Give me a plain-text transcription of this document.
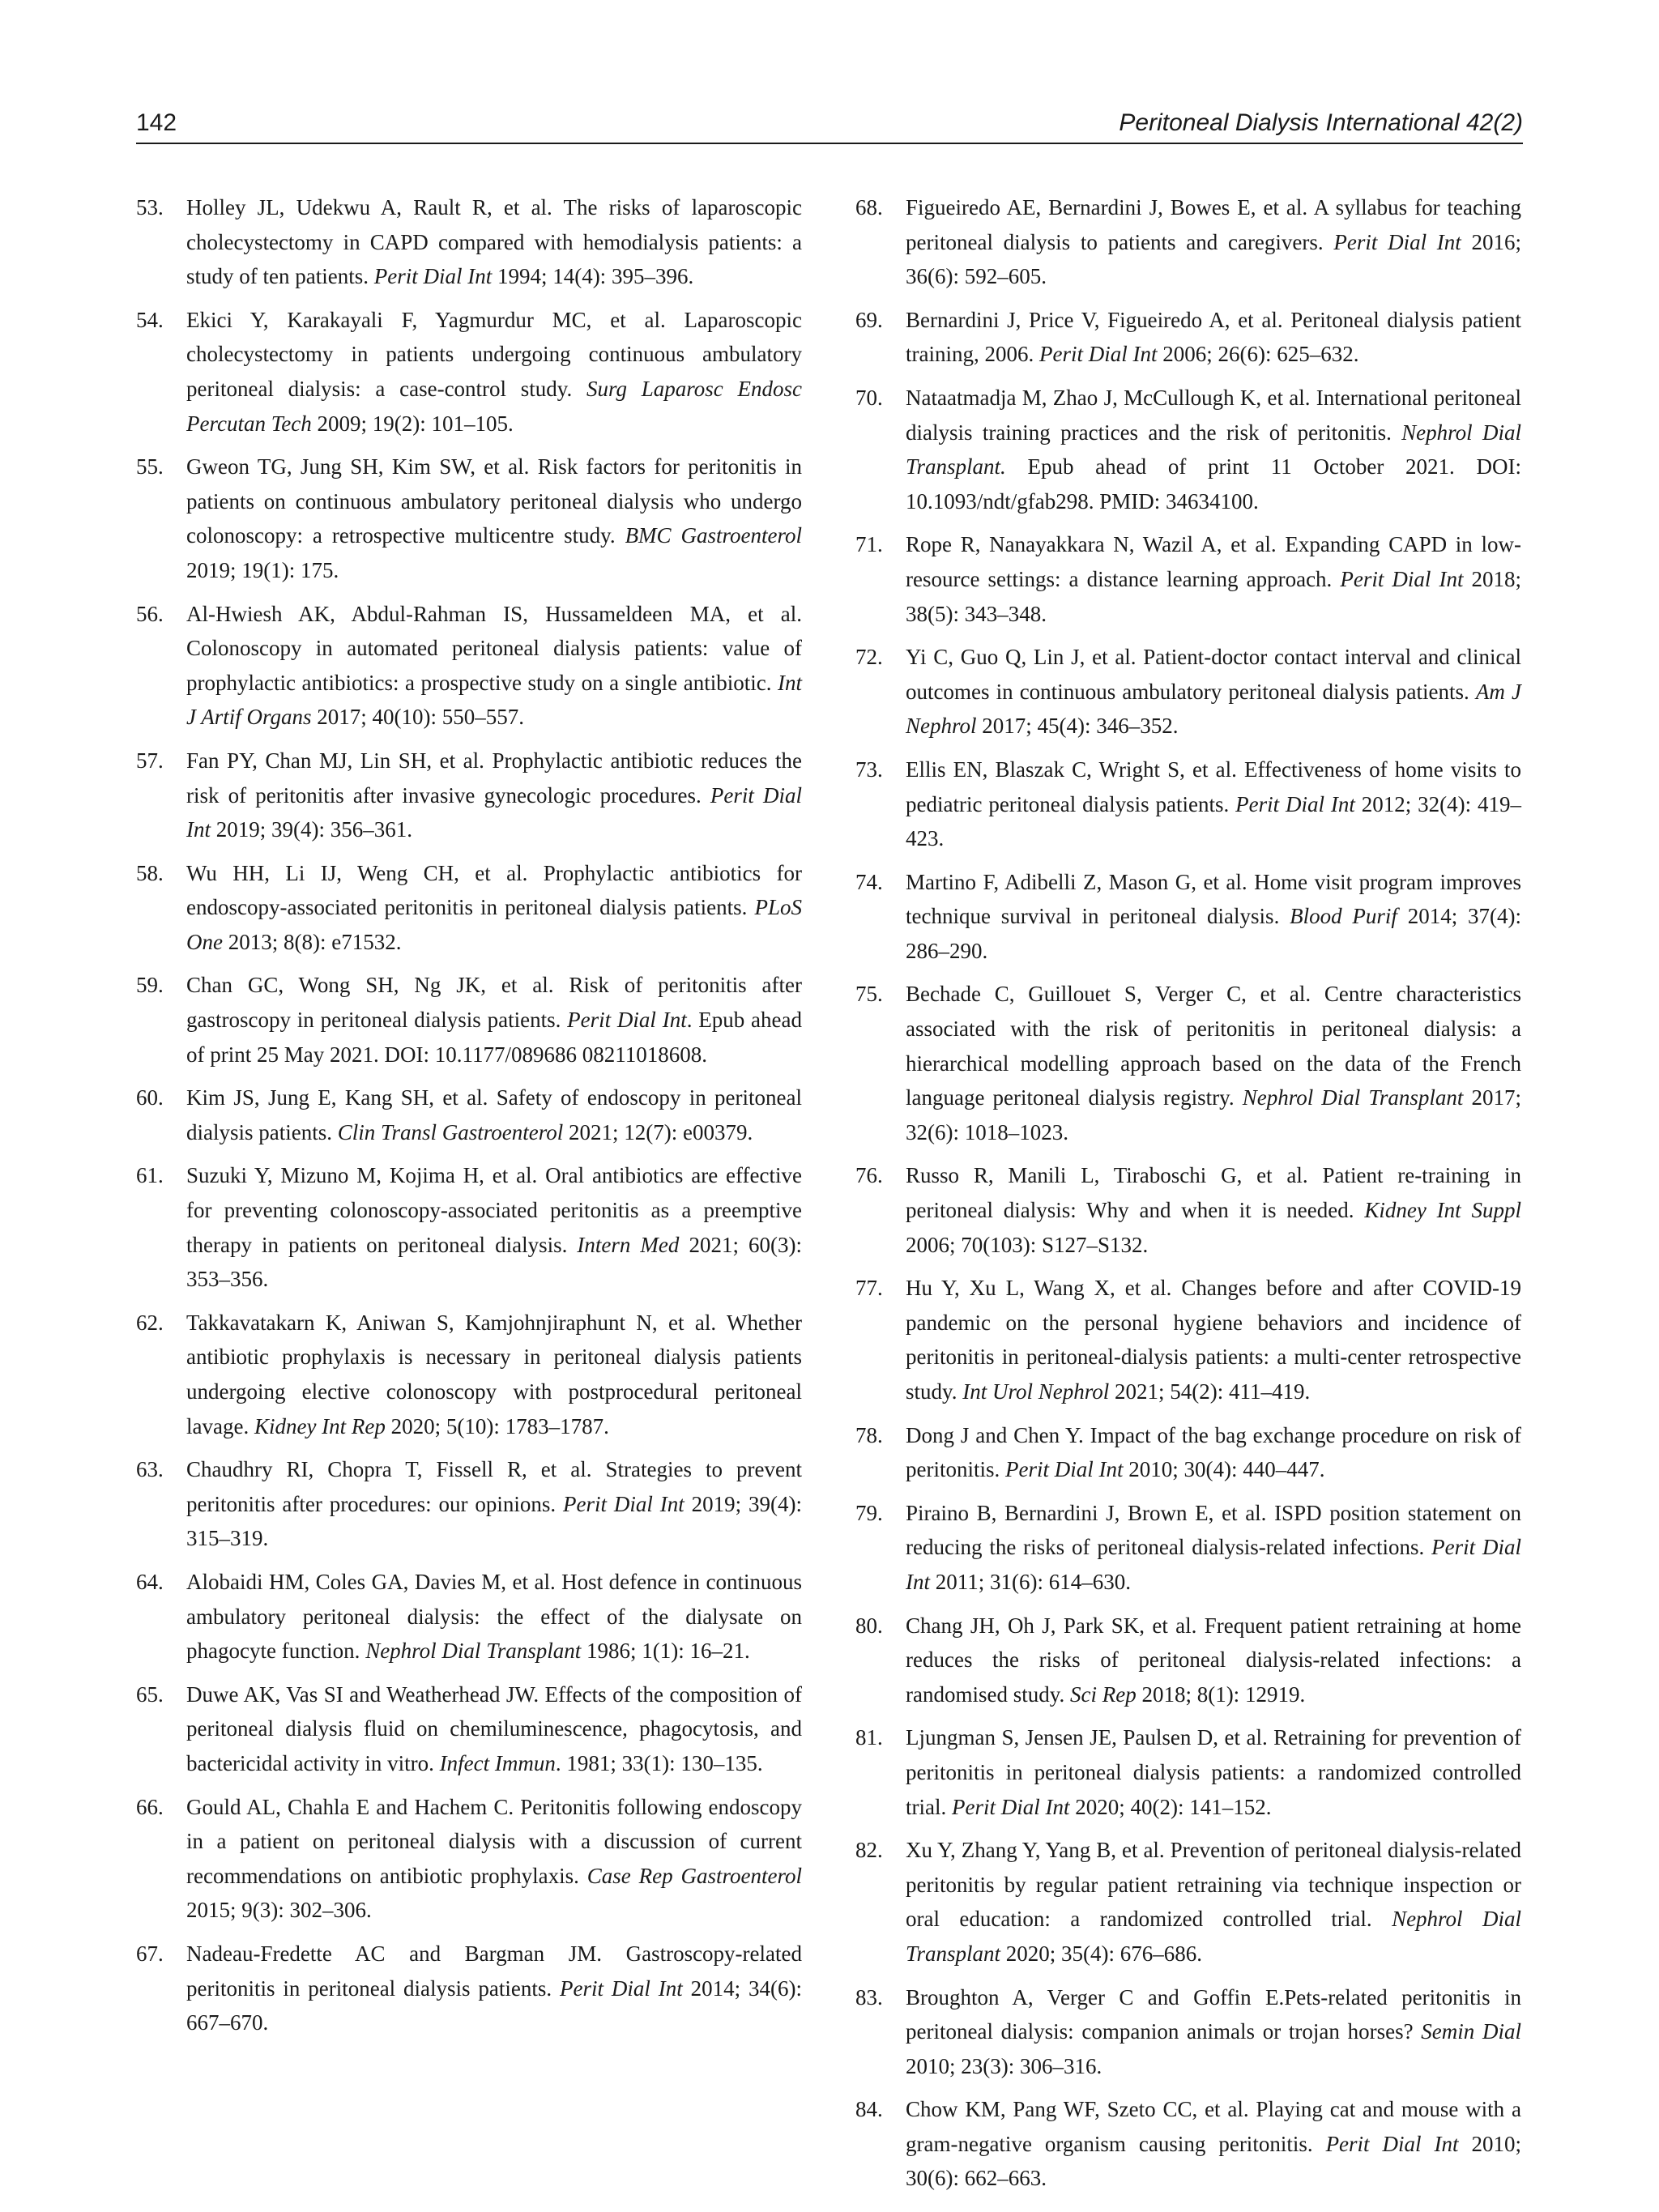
142	Peritoneal Dialysis International 42(2)
53. Holley JL, Udekwu A, Rault R, et al. The risks of laparoscopic cholecystectomy in CAPD compared with hemodialysis patients: a study of ten patients. Perit Dial Int 1994; 14(4): 395–396.
54. Ekici Y, Karakayali F, Yagmurdur MC, et al. Laparoscopic cholecystectomy in patients undergoing continuous ambulatory peritoneal dialysis: a case-control study. Surg Laparosc Endosc Percutan Tech 2009; 19(2): 101–105.
55. Gweon TG, Jung SH, Kim SW, et al. Risk factors for peritonitis in patients on continuous ambulatory peritoneal dialysis who undergo colonoscopy: a retrospective multicentre study. BMC Gastroenterol 2019; 19(1): 175.
56. Al-Hwiesh AK, Abdul-Rahman IS, Hussameldeen MA, et al. Colonoscopy in automated peritoneal dialysis patients: value of prophylactic antibiotics: a prospective study on a single antibiotic. Int J Artif Organs 2017; 40(10): 550–557.
57. Fan PY, Chan MJ, Lin SH, et al. Prophylactic antibiotic reduces the risk of peritonitis after invasive gynecologic procedures. Perit Dial Int 2019; 39(4): 356–361.
58. Wu HH, Li IJ, Weng CH, et al. Prophylactic antibiotics for endoscopy-associated peritonitis in peritoneal dialysis patients. PLoS One 2013; 8(8): e71532.
59. Chan GC, Wong SH, Ng JK, et al. Risk of peritonitis after gastroscopy in peritoneal dialysis patients. Perit Dial Int. Epub ahead of print 25 May 2021. DOI: 10.1177/089686 08211018608.
60. Kim JS, Jung E, Kang SH, et al. Safety of endoscopy in peritoneal dialysis patients. Clin Transl Gastroenterol 2021; 12(7): e00379.
61. Suzuki Y, Mizuno M, Kojima H, et al. Oral antibiotics are effective for preventing colonoscopy-associated peritonitis as a preemptive therapy in patients on peritoneal dialysis. Intern Med 2021; 60(3): 353–356.
62. Takkavatakarn K, Aniwan S, Kamjohnjiraphunt N, et al. Whether antibiotic prophylaxis is necessary in peritoneal dialysis patients undergoing elective colonoscopy with postprocedural peritoneal lavage. Kidney Int Rep 2020; 5(10): 1783–1787.
63. Chaudhry RI, Chopra T, Fissell R, et al. Strategies to prevent peritonitis after procedures: our opinions. Perit Dial Int 2019; 39(4): 315–319.
64. Alobaidi HM, Coles GA, Davies M, et al. Host defence in continuous ambulatory peritoneal dialysis: the effect of the dialysate on phagocyte function. Nephrol Dial Transplant 1986; 1(1): 16–21.
65. Duwe AK, Vas SI and Weatherhead JW. Effects of the composition of peritoneal dialysis fluid on chemiluminescence, phagocytosis, and bactericidal activity in vitro. Infect Immun. 1981; 33(1): 130–135.
66. Gould AL, Chahla E and Hachem C. Peritonitis following endoscopy in a patient on peritoneal dialysis with a discussion of current recommendations on antibiotic prophylaxis. Case Rep Gastroenterol 2015; 9(3): 302–306.
67. Nadeau-Fredette AC and Bargman JM. Gastroscopy-related peritonitis in peritoneal dialysis patients. Perit Dial Int 2014; 34(6): 667–670.
68. Figueiredo AE, Bernardini J, Bowes E, et al. A syllabus for teaching peritoneal dialysis to patients and caregivers. Perit Dial Int 2016; 36(6): 592–605.
69. Bernardini J, Price V, Figueiredo A, et al. Peritoneal dialysis patient training, 2006. Perit Dial Int 2006; 26(6): 625–632.
70. Nataatmadja M, Zhao J, McCullough K, et al. International peritoneal dialysis training practices and the risk of peritonitis. Nephrol Dial Transplant. Epub ahead of print 11 October 2021. DOI: 10.1093/ndt/gfab298. PMID: 34634100.
71. Rope R, Nanayakkara N, Wazil A, et al. Expanding CAPD in low-resource settings: a distance learning approach. Perit Dial Int 2018; 38(5): 343–348.
72. Yi C, Guo Q, Lin J, et al. Patient-doctor contact interval and clinical outcomes in continuous ambulatory peritoneal dialysis patients. Am J Nephrol 2017; 45(4): 346–352.
73. Ellis EN, Blaszak C, Wright S, et al. Effectiveness of home visits to pediatric peritoneal dialysis patients. Perit Dial Int 2012; 32(4): 419–423.
74. Martino F, Adibelli Z, Mason G, et al. Home visit program improves technique survival in peritoneal dialysis. Blood Purif 2014; 37(4): 286–290.
75. Bechade C, Guillouet S, Verger C, et al. Centre characteristics associated with the risk of peritonitis in peritoneal dialysis: a hierarchical modelling approach based on the data of the French language peritoneal dialysis registry. Nephrol Dial Transplant 2017; 32(6): 1018–1023.
76. Russo R, Manili L, Tiraboschi G, et al. Patient re-training in peritoneal dialysis: Why and when it is needed. Kidney Int Suppl 2006; 70(103): S127–S132.
77. Hu Y, Xu L, Wang X, et al. Changes before and after COVID-19 pandemic on the personal hygiene behaviors and incidence of peritonitis in peritoneal-dialysis patients: a multi-center retrospective study. Int Urol Nephrol 2021; 54(2): 411–419.
78. Dong J and Chen Y. Impact of the bag exchange procedure on risk of peritonitis. Perit Dial Int 2010; 30(4): 440–447.
79. Piraino B, Bernardini J, Brown E, et al. ISPD position statement on reducing the risks of peritoneal dialysis-related infections. Perit Dial Int 2011; 31(6): 614–630.
80. Chang JH, Oh J, Park SK, et al. Frequent patient retraining at home reduces the risks of peritoneal dialysis-related infections: a randomised study. Sci Rep 2018; 8(1): 12919.
81. Ljungman S, Jensen JE, Paulsen D, et al. Retraining for prevention of peritonitis in peritoneal dialysis patients: a randomized controlled trial. Perit Dial Int 2020; 40(2): 141–152.
82. Xu Y, Zhang Y, Yang B, et al. Prevention of peritoneal dialysis-related peritonitis by regular patient retraining via technique inspection or oral education: a randomized controlled trial. Nephrol Dial Transplant 2020; 35(4): 676–686.
83. Broughton A, Verger C and Goffin E.Pets-related peritonitis in peritoneal dialysis: companion animals or trojan horses? Semin Dial 2010; 23(3): 306–316.
84. Chow KM, Pang WF, Szeto CC, et al. Playing cat and mouse with a gram-negative organism causing peritonitis. Perit Dial Int 2010; 30(6): 662–663.
